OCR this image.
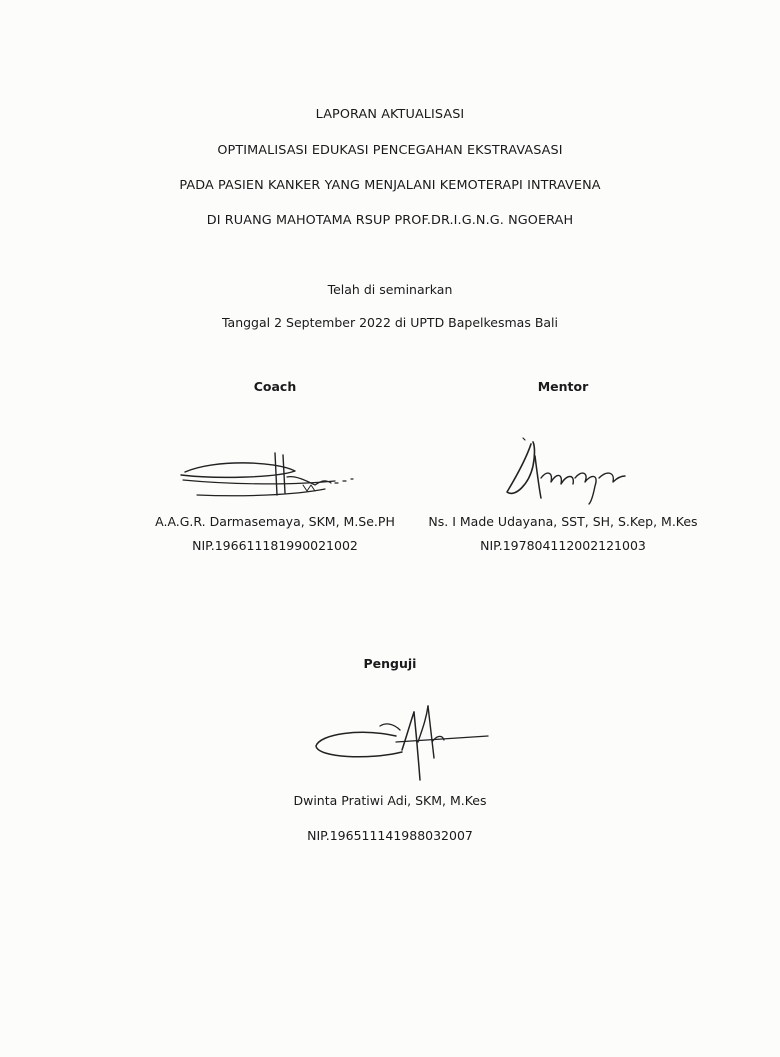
LAPORAN AKTUALISASI
OPTIMALISASI EDUKASI PENCEGAHAN EKSTRAVASASI
PADA PASIEN KANKER YANG MENJALANI KEMOTERAPI INTRAVENA
DI RUANG MAHOTAMA RSUP PROF.DR.I.G.N.G. NGOERAH
Telah di seminarkan
Tanggal 2 September 2022 di UPTD Bapelkesmas Bali
Coach
A.A.G.R. Darmasemaya, SKM, M.Se.PH
NIP.196611181990021002
Mentor
Ns. I Made Udayana, SST, SH, S.Kep, M.Kes
NIP.197804112002121003
Penguji
Dwinta Pratiwi Adi, SKM, M.Kes
NIP.196511141988032007
